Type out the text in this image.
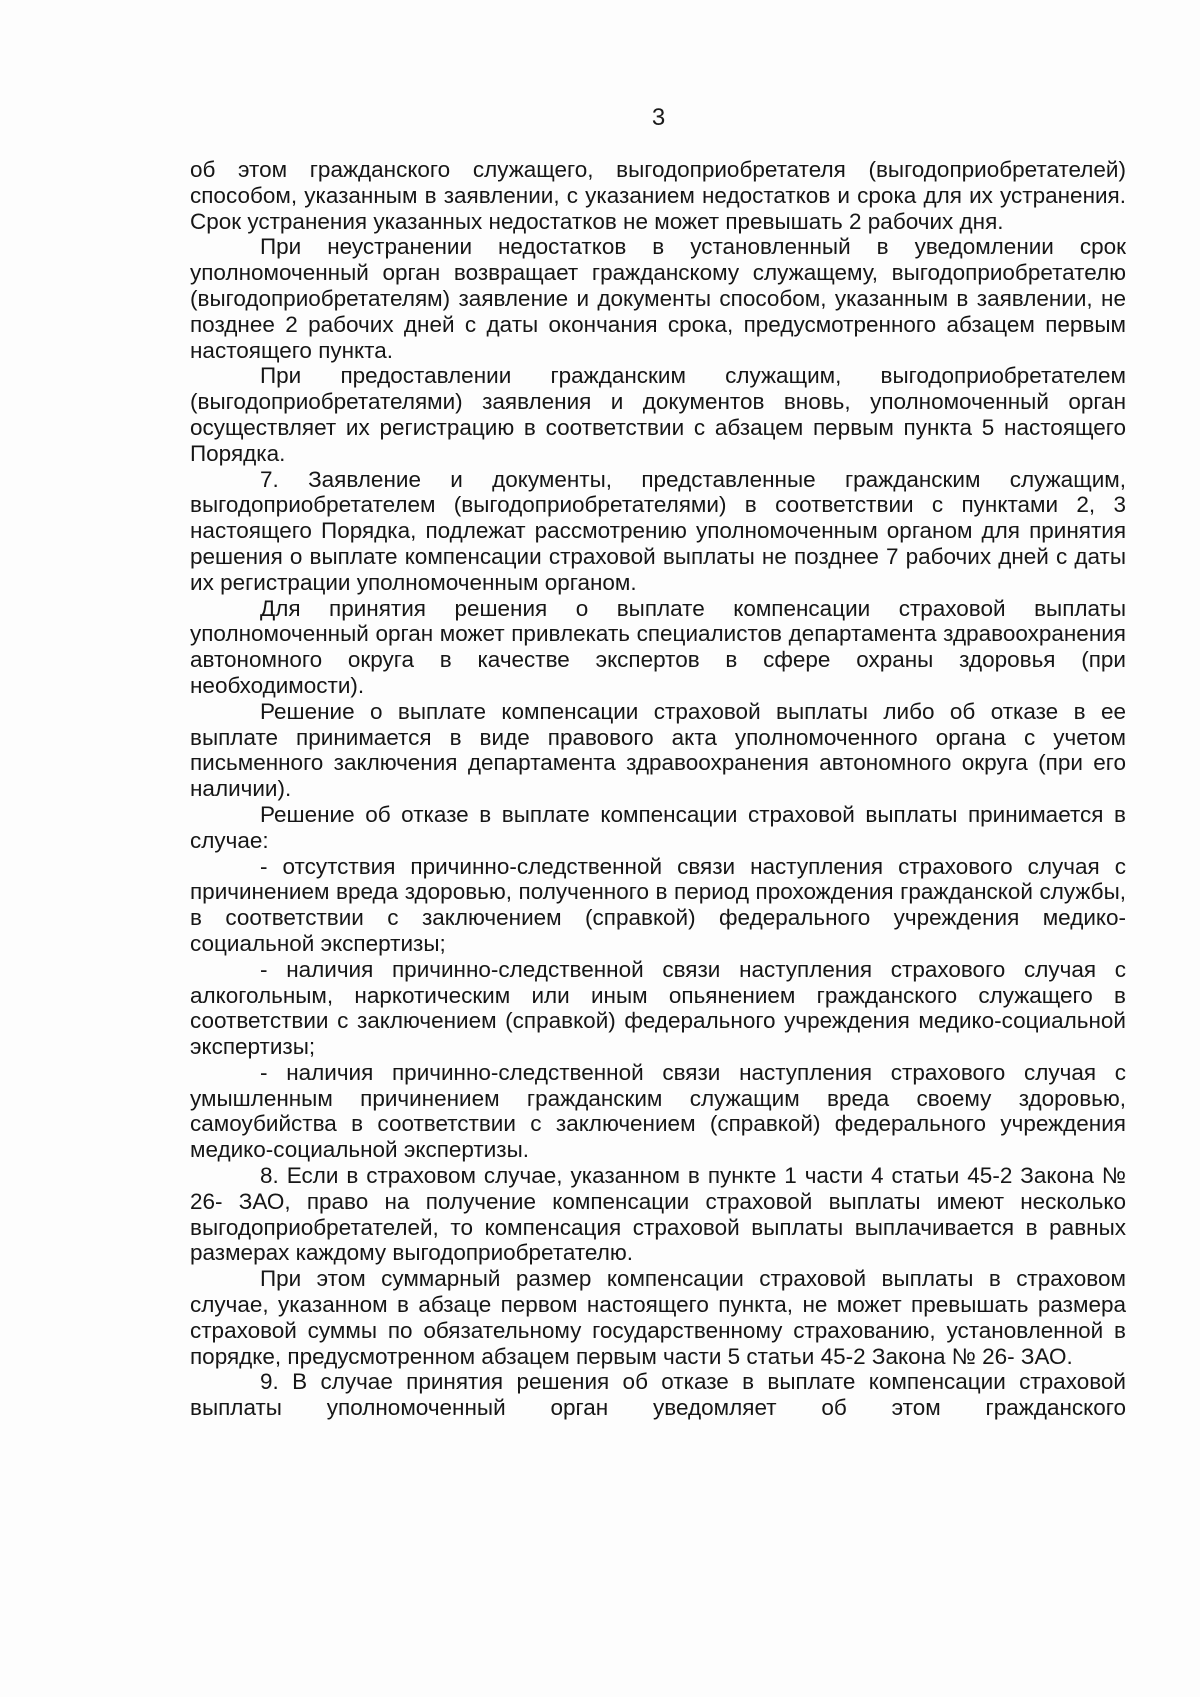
3

об этом гражданского служащего, выгодоприобретателя (выгодоприобретателей) способом, указанным в заявлении, с указанием недостатков и срока для их устранения. Срок устранения указанных недостатков не может превышать 2 рабочих дня.

При неустранении недостатков в установленный в уведомлении срок уполномоченный орган возвращает гражданскому служащему, выгодоприобретателю (выгодоприобретателям) заявление и документы способом, указанным в заявлении, не позднее 2 рабочих дней с даты окончания срока, предусмотренного абзацем первым настоящего пункта.

При предоставлении гражданским служащим, выгодоприобретателем (выгодоприобретателями) заявления и документов вновь, уполномоченный орган осуществляет их регистрацию в соответствии с абзацем первым пункта 5 настоящего Порядка.

7. Заявление и документы, представленные гражданским служащим, выгодоприобретателем (выгодоприобретателями) в соответствии с пунктами 2, 3 настоящего Порядка, подлежат рассмотрению уполномоченным органом для принятия решения о выплате компенсации страховой выплаты не позднее 7 рабочих дней с даты их регистрации уполномоченным органом.

Для принятия решения о выплате компенсации страховой выплаты уполномоченный орган может привлекать специалистов департамента здравоохранения автономного округа в качестве экспертов в сфере охраны здоровья (при необходимости).

Решение о выплате компенсации страховой выплаты либо об отказе в ее выплате принимается в виде правового акта уполномоченного органа с учетом письменного заключения департамента здравоохранения автономного округа (при его наличии).

Решение об отказе в выплате компенсации страховой выплаты принимается в случае:

- отсутствия причинно-следственной связи наступления страхового случая с причинением вреда здоровью, полученного в период прохождения гражданской службы, в соответствии с заключением (справкой) федерального учреждения медико-социальной экспертизы;

- наличия причинно-следственной связи наступления страхового случая с алкогольным, наркотическим или иным опьянением гражданского служащего в соответствии с заключением (справкой) федерального учреждения медико-социальной экспертизы;

- наличия причинно-следственной связи наступления страхового случая с умышленным причинением гражданским служащим вреда своему здоровью, самоубийства в соответствии с заключением (справкой) федерального учреждения медико-социальной экспертизы.

8. Если в страховом случае, указанном в пункте 1 части 4 статьи 45-2 Закона № 26- ЗАО, право на получение компенсации страховой выплаты имеют несколько выгодоприобретателей, то компенсация страховой выплаты выплачивается в равных размерах каждому выгодоприобретателю.

При этом суммарный размер компенсации страховой выплаты в страховом случае, указанном в абзаце первом настоящего пункта, не может превышать размера страховой суммы по обязательному государственному страхованию, установленной в порядке, предусмотренном абзацем первым части 5 статьи 45-2 Закона № 26- ЗАО.

9. В случае принятия решения об отказе в выплате компенсации страховой выплаты уполномоченный орган уведомляет об этом гражданского
